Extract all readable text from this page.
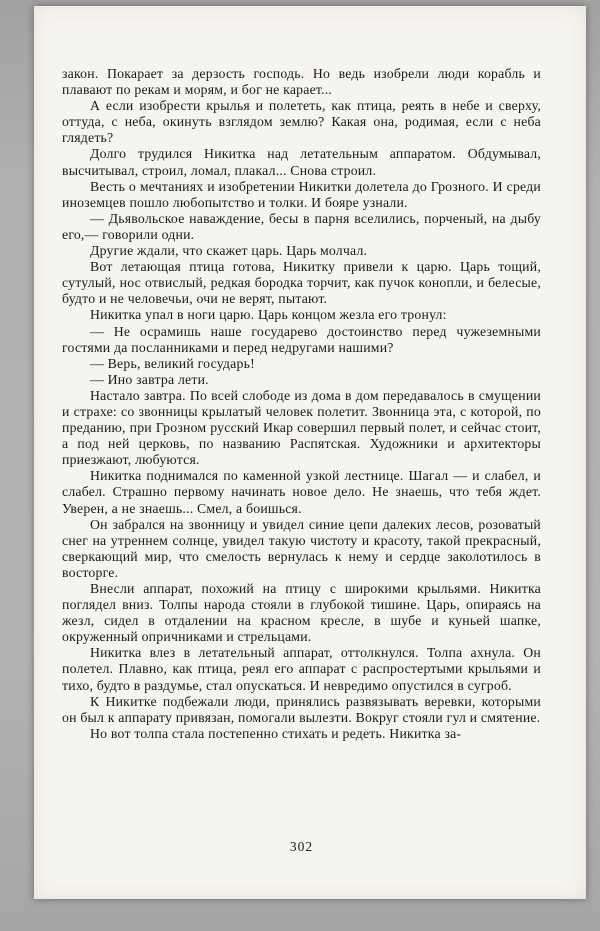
закон. Покарает за дерзость господь. Но ведь изобрели люди корабль и плавают по рекам и морям, и бог не карает...

А если изобрести крылья и полететь, как птица, реять в небе и сверху, оттуда, с неба, окинуть взглядом землю? Какая она, родимая, если с неба глядеть?

Долго трудился Никитка над летательным аппаратом. Обдумывал, высчитывал, строил, ломал, плакал... Снова строил.

Весть о мечтаниях и изобретении Никитки долетела до Грозного. И среди иноземцев пошло любопытство и толки. И бояре узнали.

— Дьявольское наваждение, бесы в парня вселились, порченый, на дыбу его,— говорили одни.

Другие ждали, что скажет царь. Царь молчал.

Вот летающая птица готова, Никитку привели к царю. Царь тощий, сутулый, нос отвислый, редкая бородка торчит, как пучок конопли, и белесые, будто и не человечьи, очи не верят, пытают.

Никитка упал в ноги царю. Царь концом жезла его тронул:

— Не осрамишь наше государево достоинство перед чужеземными гостями да посланниками и перед недругами нашими?

— Верь, великий государь!

— Ино завтра лети.

Настало завтра. По всей слободе из дома в дом передавалось в смущении и страхе: со звонницы крылатый человек полетит. Звонница эта, с которой, по преданию, при Грозном русский Икар совершил первый полет, и сейчас стоит, а под ней церковь, по названию Распятская. Художники и архитекторы приезжают, любуются.

Никитка поднимался по каменной узкой лестнице. Шагал — и слабел, и слабел. Страшно первому начинать новое дело. Не знаешь, что тебя ждет. Уверен, а не знаешь... Смел, а боишься.

Он забрался на звонницу и увидел синие цепи далеких лесов, розоватый снег на утреннем солнце, увидел такую чистоту и красоту, такой прекрасный, сверкающий мир, что смелость вернулась к нему и сердце заколотилось в восторге.

Внесли аппарат, похожий на птицу с широкими крыльями. Никитка поглядел вниз. Толпы народа стояли в глубокой тишине. Царь, опираясь на жезл, сидел в отдалении на красном кресле, в шубе и куньей шапке, окруженный опричниками и стрельцами.

Никитка влез в летательный аппарат, оттолкнулся. Толпа ахнула. Он полетел. Плавно, как птица, реял его аппарат с распростертыми крыльями и тихо, будто в раздумье, стал опускаться. И невредимо опустился в сугроб.

К Никитке подбежали люди, принялись развязывать веревки, которыми он был к аппарату привязан, помогали вылезти. Вокруг стояли гул и смятение.

Но вот толпа стала постепенно стихать и редеть. Никитка за-

302
